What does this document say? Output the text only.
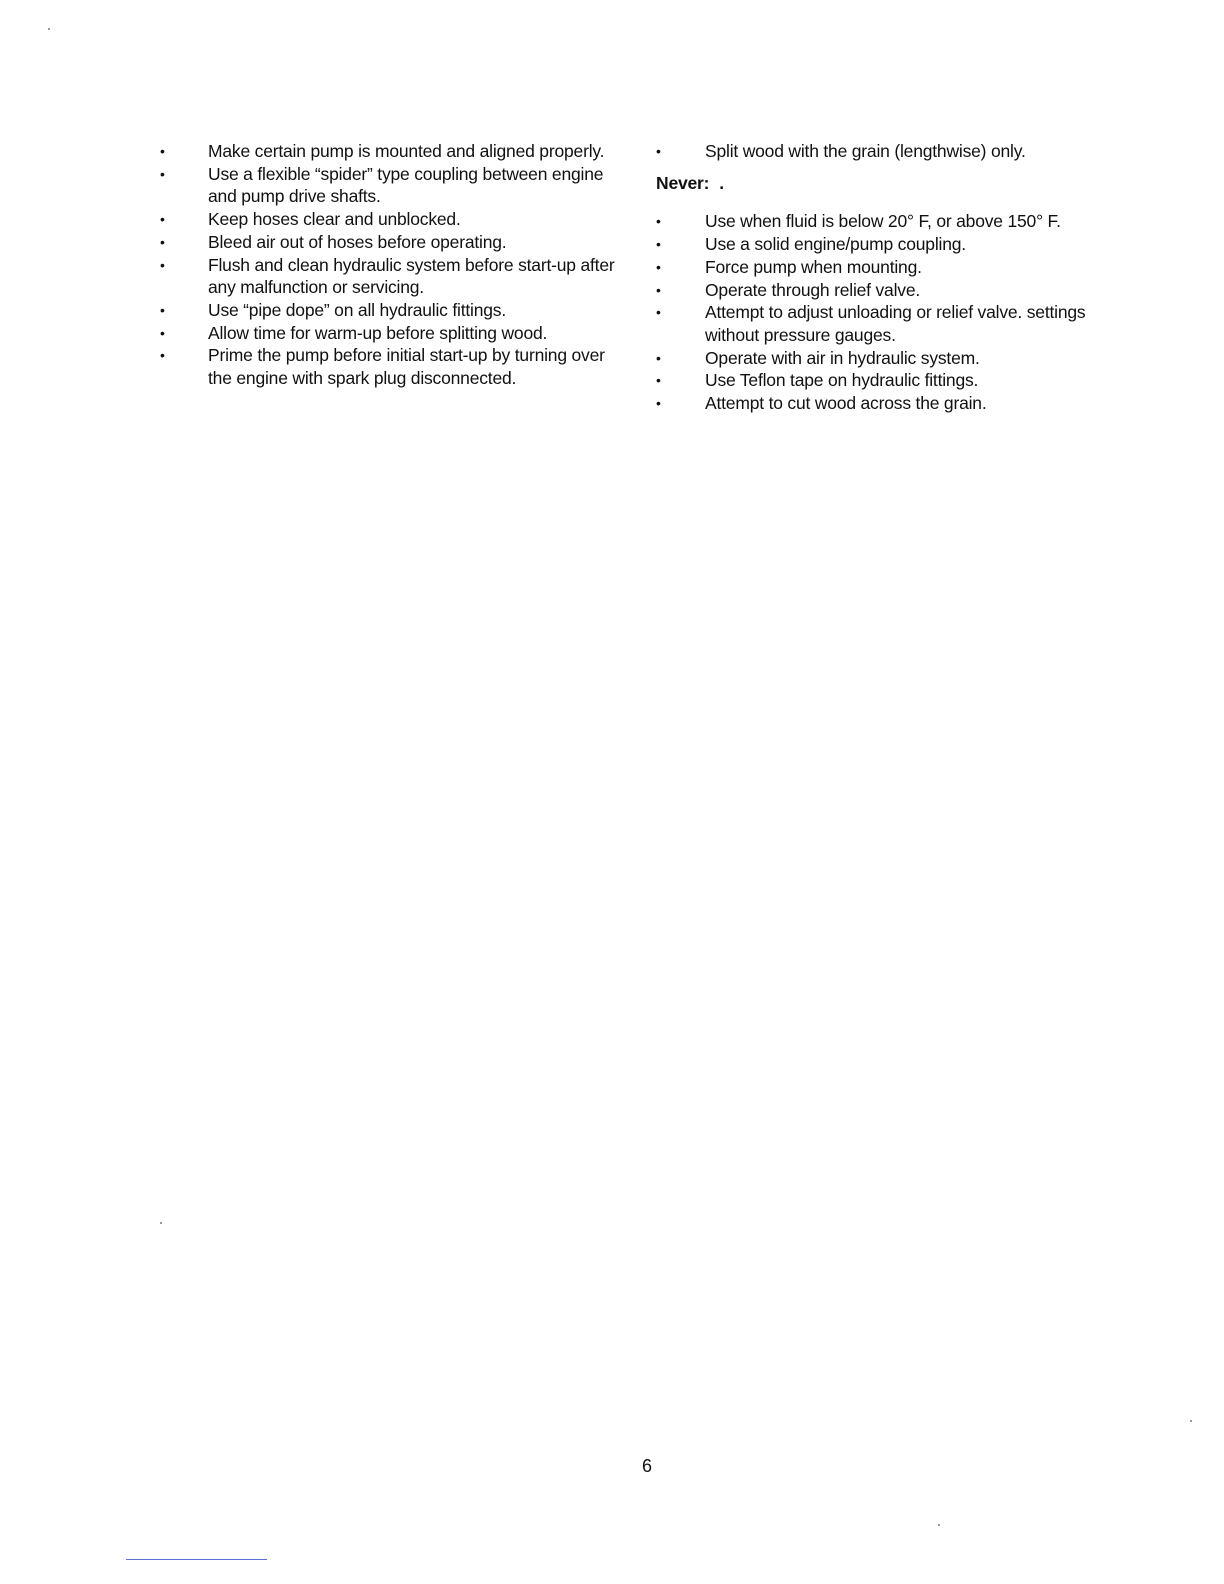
•	Make certain pump is mounted and aligned properly.
•	Use a flexible “spider” type coupling between engine and pump drive shafts.
•	Keep hoses clear and unblocked.
•	Bleed air out of hoses before operating.
•	Flush and clean hydraulic system before start-up after any malfunction or servicing.
•	Use “pipe dope” on all hydraulic fittings.
•	Allow time for warm-up before splitting wood.
•	Prime the pump before initial start-up by turning over the engine with spark plug disconnected.
•	Split wood with the grain (lengthwise) only.
Never: .
•	Use when fluid is below 20° F, or above 150° F.
•	Use a solid engine/pump coupling.
•	Force pump when mounting.
•	Operate through relief valve.
•	Attempt to adjust unloading or relief valve. settings without pressure gauges.
•	Operate with air in hydraulic system.
•	Use Teflon tape on hydraulic fittings.
•	Attempt to cut wood across the grain.
6
